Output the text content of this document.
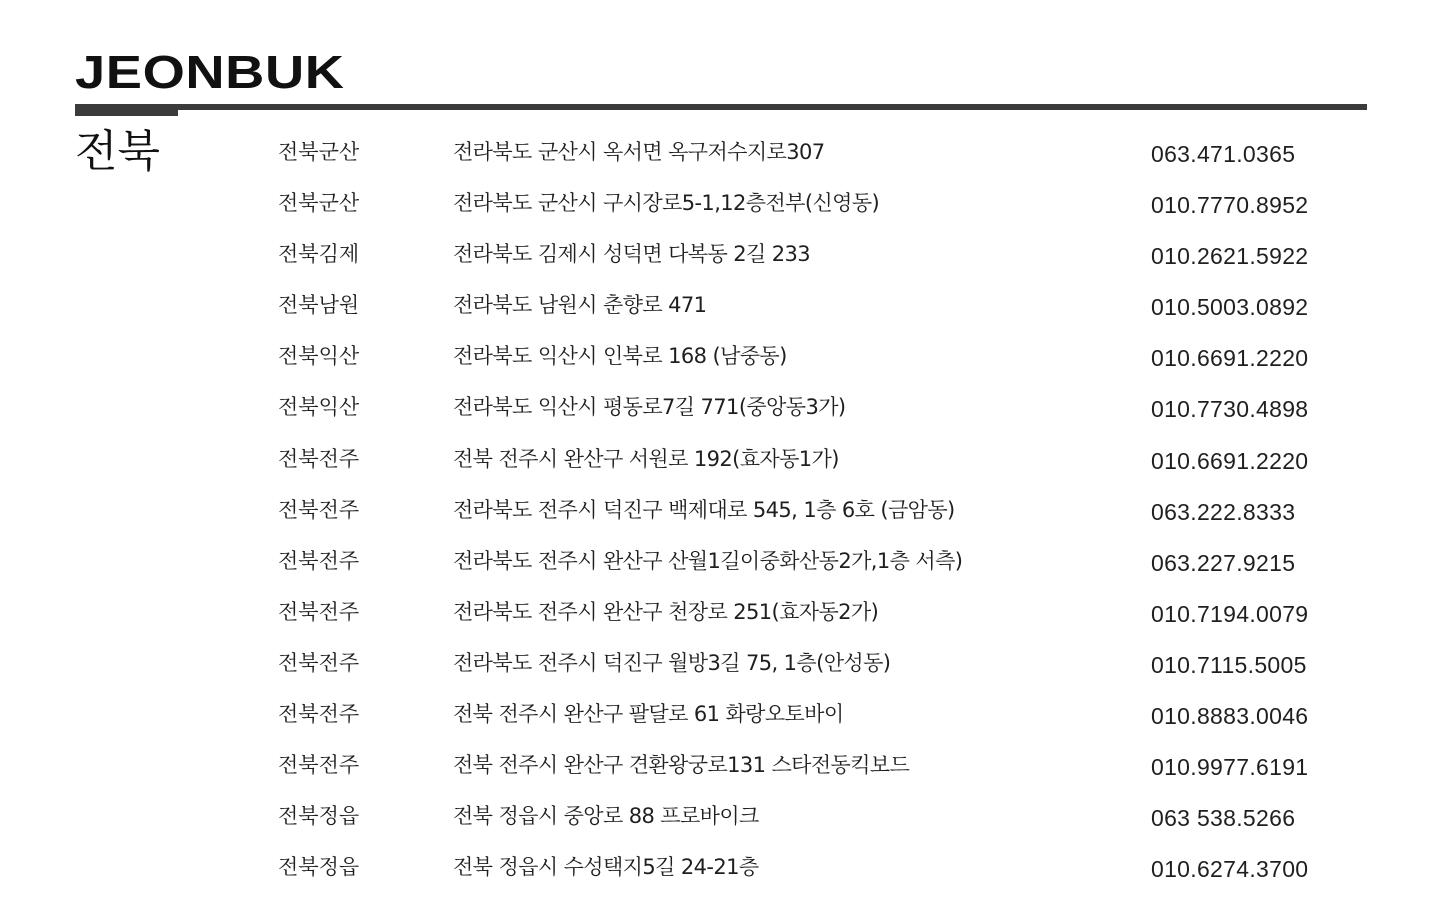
JEONBUK
전북	전북군산	전라북도 군산시 옥서면 옥구저수지로307	063.471.0365
전북군산	전라북도 군산시 구시장로5-1,12층전부(신영동)	010.7770.8952
전북김제	전라북도 김제시 성덕면 다복동 2길 233	010.2621.5922
전북남원	전라북도 남원시 춘향로 471	010.5003.0892
전북익산	전라북도 익산시 인북로 168 (남중동)	010.6691.2220
전북익산	전라북도 익산시 평동로7길 771(중앙동3가)	010.7730.4898
전북전주	전북 전주시 완산구 서원로 192(효자동1가)	010.6691.2220
전북전주	전라북도 전주시 덕진구 백제대로 545, 1층 6호 (금암동)	063.222.8333
전북전주	전라북도 전주시 완산구 산월1길이중화산동2가,1층 서측)	063.227.9215
전북전주	전라북도 전주시 완산구 천장로 251(효자동2가)	010.7194.0079
전북전주	전라북도 전주시 덕진구 월방3길 75, 1층(안성동)	010.7115.5005
전북전주	전북 전주시 완산구 팔달로 61 화랑오토바이	010.8883.0046
전북전주	전북 전주시 완산구 견환왕궁로131 스타전동킥보드	010.9977.6191
전북정읍	전북 정읍시 중앙로 88 프로바이크	063 538.5266
전북정읍	전북 정읍시 수성택지5길 24-21층	010.6274.3700
